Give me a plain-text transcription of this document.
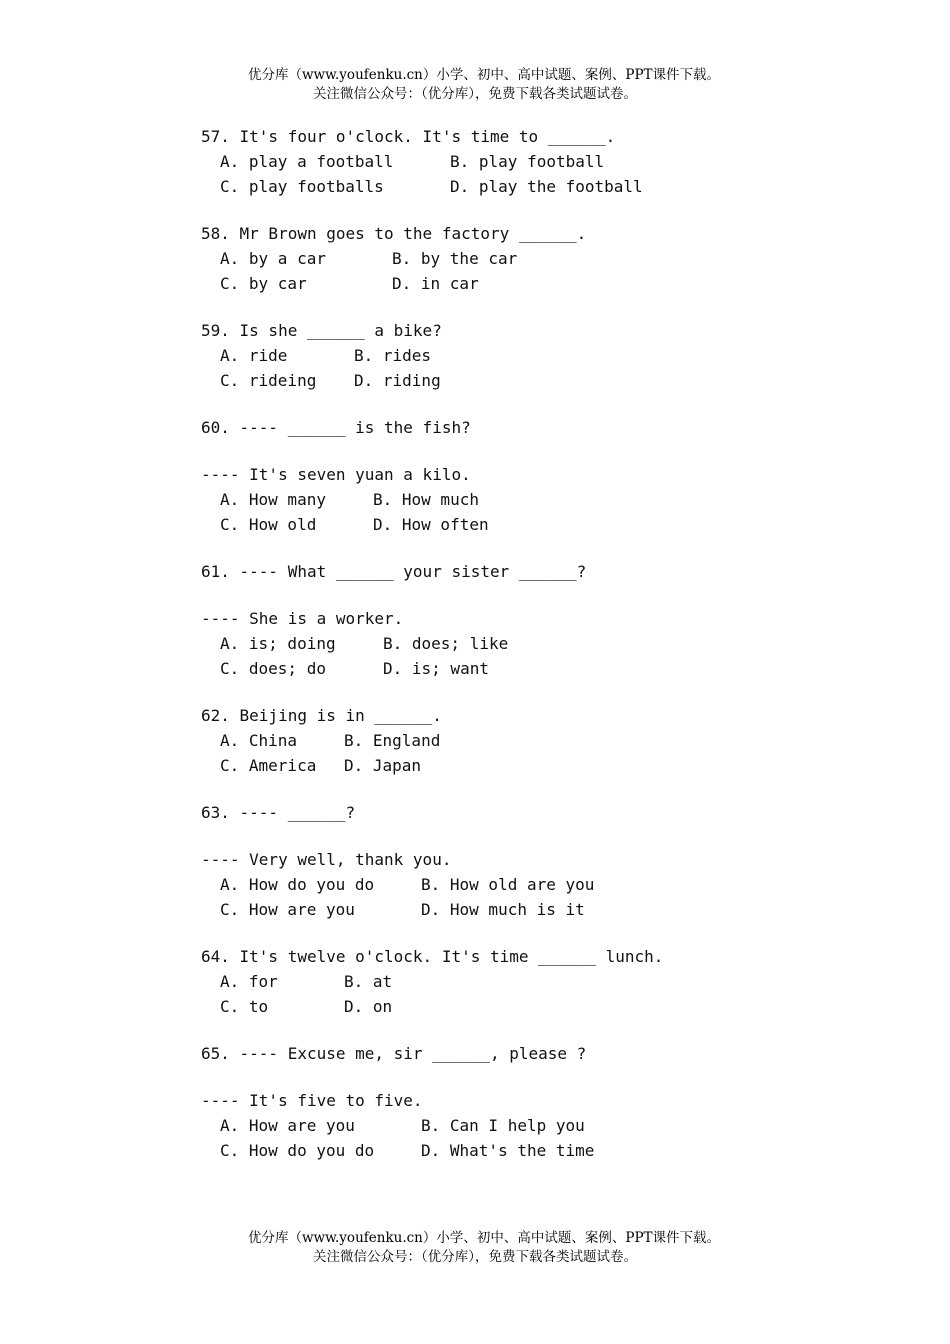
优分库（www.youfenku.cn）小学、初中、高中试题、案例、PPT课件下载。
关注微信公众号：（优分库），免费下载各类试题试卷。
57. It's four o'clock. It's time to ______.
A. play a football	B. play football
C. play footballs	D. play the football
58. Mr Brown goes to the factory ______.
A. by a car	B. by the car
C. by car	D. in car
59. Is she ______ a bike?
A. ride	B. rides
C. rideing D. riding
60. ---- ______ is the fish?
---- It's seven yuan a kilo.
A. How many	B. How much
C. How old	D. How often
61. ---- What ______ your sister ______?
---- She is a worker.
A. is; doing	B. does; like
C. does; do	D. is; want
62. Beijing is in ______.
A. China	B. England
C. America D. Japan
63. ---- ______?
---- Very well, thank you.
A. How do you do	B. How old are you
C. How are you	D. How much is it
64. It's twelve o'clock. It's time ______ lunch.
A. for	B. at
C. to	D. on
65. ---- Excuse me, sir ______, please ?
---- It's five to five.
A. How are you	B. Can I help you
C. How do you do	D. What's the time
优分库（www.youfenku.cn）小学、初中、高中试题、案例、PPT课件下载。
关注微信公众号：（优分库），免费下载各类试题试卷。
